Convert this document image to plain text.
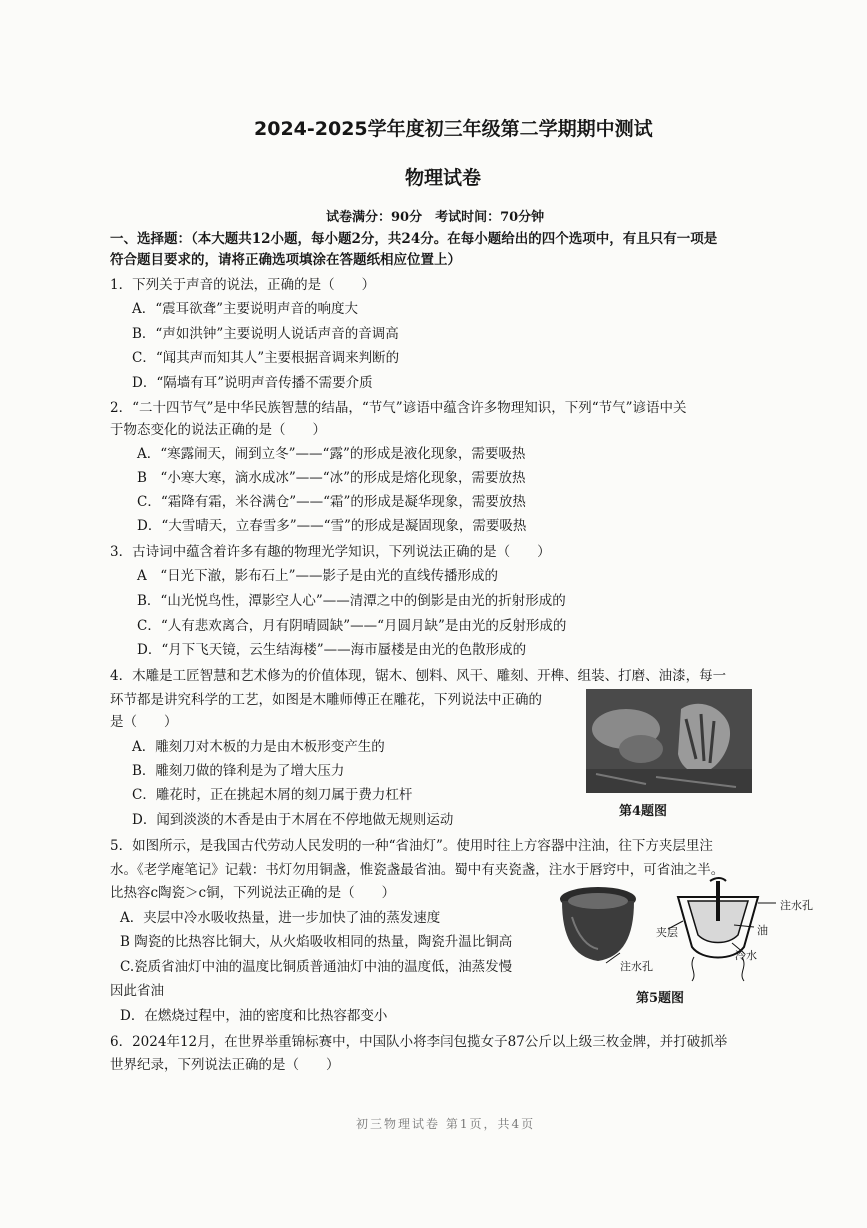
2024-2025学年度初三年级第二学期期中测试
物理试卷
试卷满分：90分　考试时间：70分钟
一、选择题：（本大题共12小题，每小题2分，共24分。在每小题给出的四个选项中，有且只有一项是
符合题目要求的，请将正确选项填涂在答题纸相应位置上）
1．下列关于声音的说法，正确的是（　　）
A．“震耳欲聋”主要说明声音的响度大
B．“声如洪钟”主要说明人说话声音的音调高
C．“闻其声而知其人”主要根据音调来判断的
D．“隔墙有耳”说明声音传播不需要介质
2．“二十四节气”是中华民族智慧的结晶，“节气”谚语中蕴含许多物理知识，下列“节气”谚语中关
于物态变化的说法正确的是（　　）
A．“寒露闹天，闹到立冬”——“露”的形成是液化现象，需要吸热
B　“小寒大寒，滴水成冰”——“冰”的形成是熔化现象，需要放热
C．“霜降有霜，米谷满仓”——“霜”的形成是凝华现象，需要放热
D．“大雪晴天，立春雪多”——“雪”的形成是凝固现象，需要吸热
3．古诗词中蕴含着许多有趣的物理光学知识，下列说法正确的是（　　）
A　“日光下澈，影布石上”——影子是由光的直线传播形成的
B．“山光悦鸟性，潭影空人心”——清潭之中的倒影是由光的折射形成的
C．“人有悲欢离合，月有阴晴圆缺”——“月圆月缺”是由光的反射形成的
D．“月下飞天镜，云生结海楼”——海市蜃楼是由光的色散形成的
4．木雕是工匠智慧和艺术修为的价值体现，锯木、刨料、风干、雕刻、开榫、组装、打磨、油漆，每一
环节都是讲究科学的工艺，如图是木雕师傅正在雕花，下列说法中正确的
是（　　）
A．雕刻刀对木板的力是由木板形变产生的
B．雕刻刀做的锋利是为了增大压力
C．雕花时，正在挑起木屑的刻刀属于费力杠杆
D．闻到淡淡的木香是由于木屑在不停地做无规则运动
第4题图
5．如图所示，是我国古代劳动人民发明的一种“省油灯”。使用时往上方容器中注油，往下方夹层里注
水。《老学庵笔记》记载：书灯勿用铜盏，惟瓷盏最省油。蜀中有夹瓷盏，注水于唇窍中，可省油之半。
比热容c陶瓷＞c铜，下列说法正确的是（　　）
A．夹层中冷水吸收热量，进一步加快了油的蒸发速度
B 陶瓷的比热容比铜大，从火焰吸收相同的热量，陶瓷升温比铜高
C.瓷质省油灯中油的温度比铜质普通油灯中油的温度低，油蒸发慢
因此省油
D．在燃烧过程中，油的密度和比热容都变小
注水孔
夹层	油
冷水
注水孔
第5题图
6．2024年12月，在世界举重锦标赛中，中国队小将李闫包揽女子87公斤以上级三枚金牌，并打破抓举
世界纪录，下列说法正确的是（　　）
初三物理试卷 第1页，共4页
